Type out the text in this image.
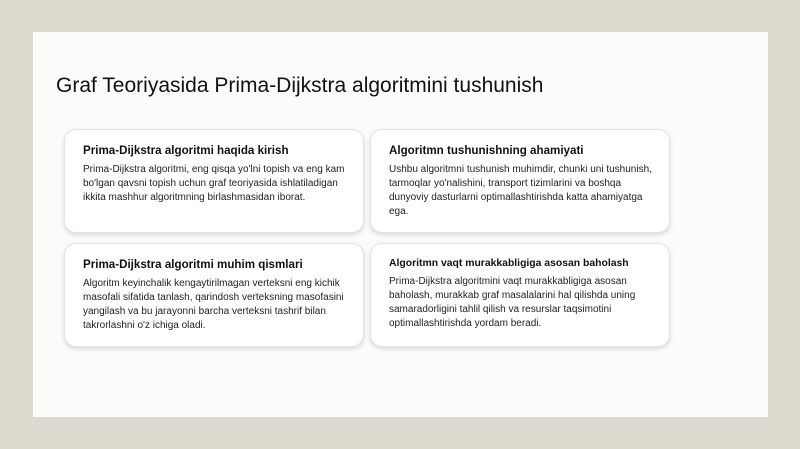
Graf Teoriyasida Prima-Dijkstra algoritmini tushunish
Prima-Dijkstra algoritmi haqida kirish

Prima-Dijkstra algoritmi, eng qisqa yo'lni topish va eng kam bo'lgan qavsni topish uchun graf teoriyasida ishlatiladigan ikkita mashhur algoritmning birlashmasidan iborat.

Algoritmn tushunishning ahamiyati

Ushbu algoritmni tushunish muhimdir, chunki uni tushunish, tarmoqlar yo'nalishini, transport tizimlarini va boshqa dunyoviy dasturlarni optimallashtirishda katta ahamiyatga ega.

Prima-Dijkstra algoritmi muhim qismlari

Algoritm keyinchalik kengaytirilmagan verteksni eng kichik masofali sifatida tanlash, qarindosh verteksning masofasini yangilash va bu jarayonni barcha verteksni tashrif bilan takrorlashni o'z ichiga oladi.

Algoritmn vaqt murakkabligiga asosan baholash

Prima-Dijkstra algoritmini vaqt murakkabligiga asosan baholash, murakkab graf masalalarini hal qilishda uning samaradorligini tahlil qilish va resurslar taqsimotini optimallashtirishda yordam beradi.
